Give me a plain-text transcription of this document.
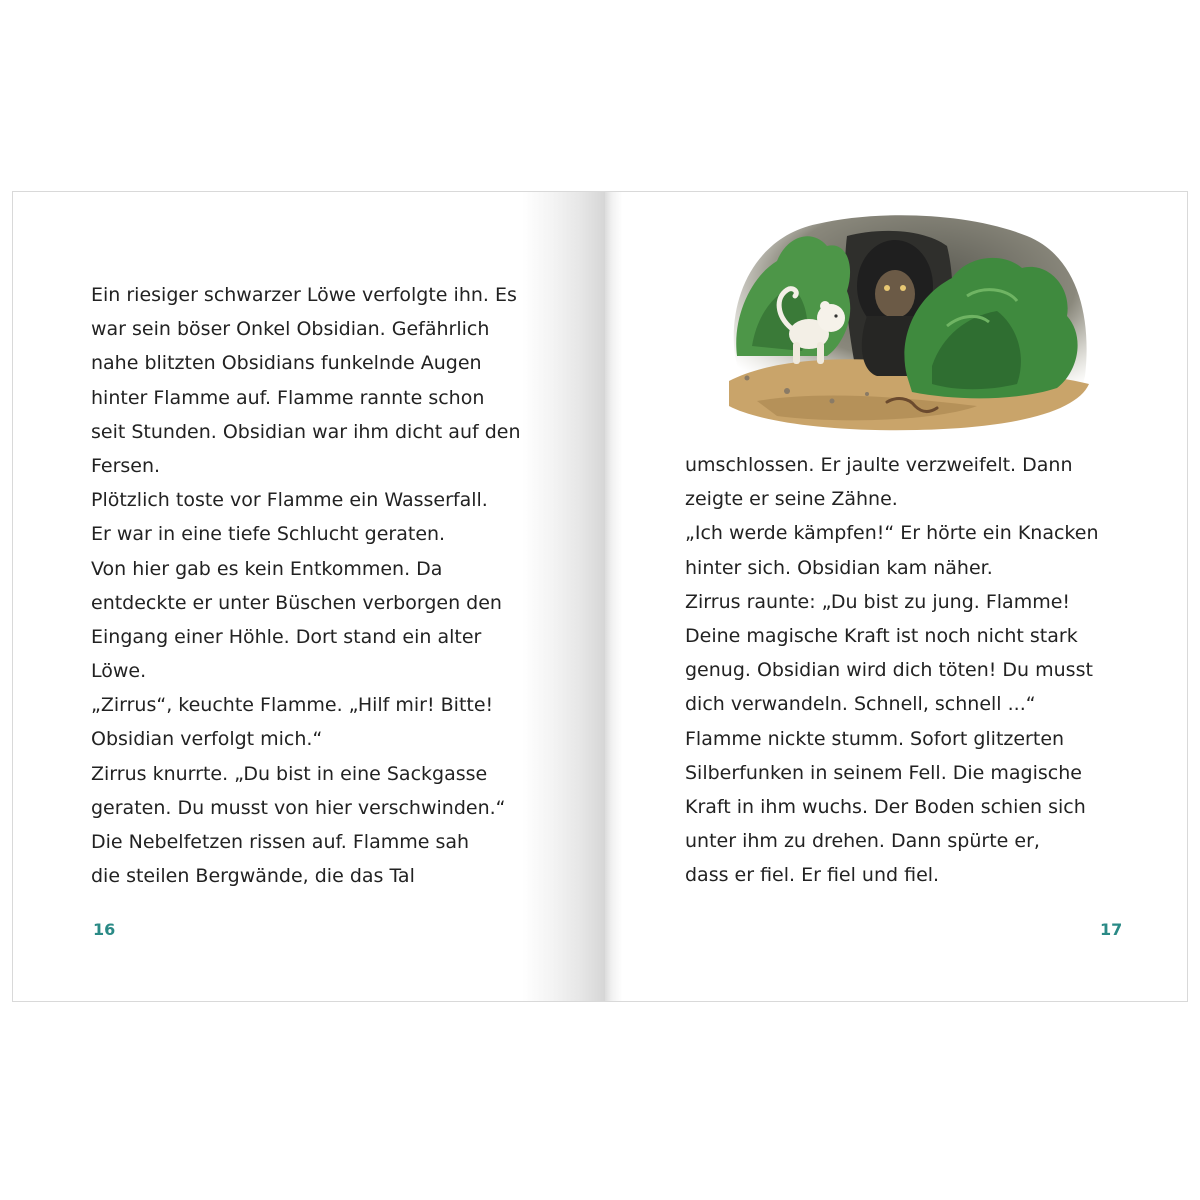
Ein riesiger schwarzer Löwe verfolgte ihn. Es
war sein böser Onkel Obsidian. Gefährlich
nahe blitzten Obsidians funkelnde Augen
hinter Flamme auf. Flamme rannte schon
seit Stunden. Obsidian war ihm dicht auf den
Fersen.
Plötzlich toste vor Flamme ein Wasserfall.
Er war in eine tiefe Schlucht geraten.
Von hier gab es kein Entkommen. Da
entdeckte er unter Büschen verborgen den
Eingang einer Höhle. Dort stand ein alter
Löwe.
„Zirrus“, keuchte Flamme. „Hilf mir! Bitte!
Obsidian verfolgt mich.“
Zirrus knurrte. „Du bist in eine Sackgasse
geraten. Du musst von hier verschwinden.“
Die Nebelfetzen rissen auf. Flamme sah
die steilen Bergwände, die das Tal
16
umschlossen. Er jaulte verzweifelt. Dann
zeigte er seine Zähne.
„Ich werde kämpfen!“ Er hörte ein Knacken
hinter sich. Obsidian kam näher.
Zirrus raunte: „Du bist zu jung. Flamme!
Deine magische Kraft ist noch nicht stark
genug. Obsidian wird dich töten! Du musst
dich verwandeln. Schnell, schnell ...“
Flamme nickte stumm. Sofort glitzerten
Silberfunken in seinem Fell. Die magische
Kraft in ihm wuchs. Der Boden schien sich
unter ihm zu drehen. Dann spürte er,
dass er fiel. Er fiel und fiel.
17
